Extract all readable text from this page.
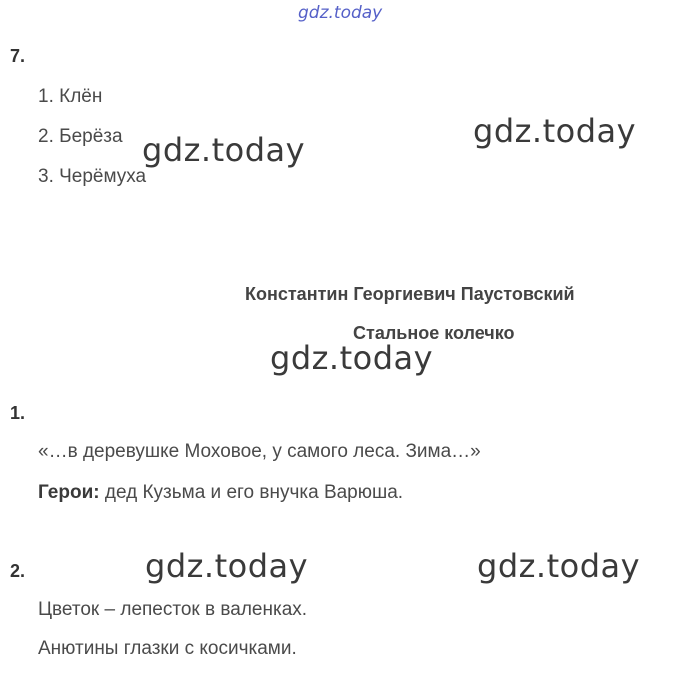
gdz.today
7.
1. Клён
2. Берёза
3. Черёмуха
gdz.today	gdz.today
Константин Георгиевич Паустовский
Стальное колечко
gdz.today
1.
«…в деревушке Моховое, у самого леса. Зима…»
Герои: дед Кузьма и его внучка Варюша.
2.	gdz.today	gdz.today
Цветок – лепесток в валенках.
Анютины глазки с косичками.
